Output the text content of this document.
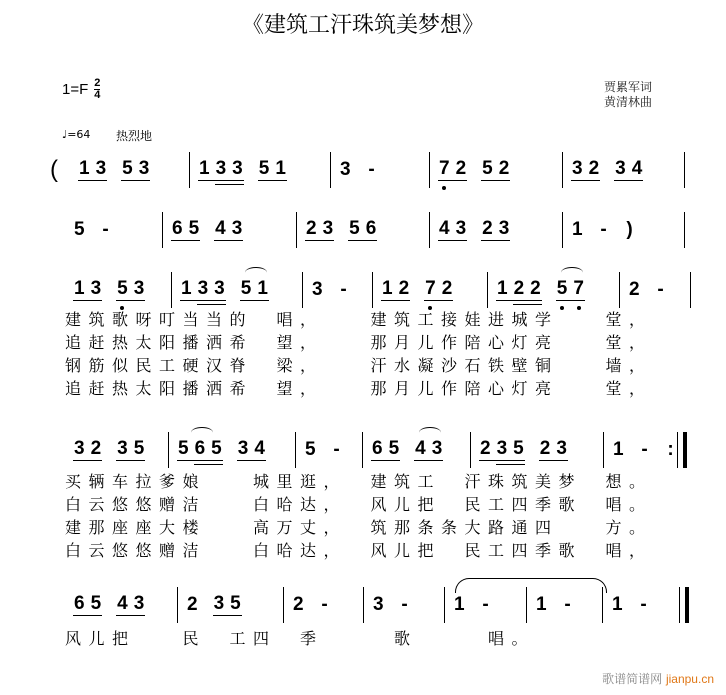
《建筑工汗珠筑美梦想》
$1=F \frac{2}{4}$	贾累军词
黄清林曲
♩=64 热烈地
(	1 3 5 3	1 3 3 5 1	3 -	7 2 5 2	3 2 3 4
5 -	6 5 4 3	2 3 5 6	4 3 2 3	1 - )
1 3 5 3 1 3 3 5 1 3 - 1 2 7 2 1 2 2 5 7 2 -
3 2 3 5 5 6 5 3 4 5 - 6 5 4 3 2 3 5 2 3 1 - :
6 5 4 3 2 3 5	2 - 3 - 1 - 1 - 1 -
歌谱简谱网 jianpu.cn
建 筑 歌 呀 叮 当 当 的　 唱 ，　　	建 筑 工 接 娃 进 城 学　　	堂 ，
追 赶 热 太 阳 播 洒 希　 望 ，　　	那 月 儿 作 陪 心 灯 亮　　	堂 ，
钢 筋 似 民 工 硬 汉 脊　 梁 ，　　	汗 水 凝 沙 石 铁 壁 铜　　	墙 ，
追 赶 热 太 阳 播 洒 希　 望 ，　　	那 月 儿 作 陪 心 灯 亮　　	堂 ，
买 辆 车 拉 爹 娘　　	城 里 逛 ，　 建 筑 工　 汗 珠 筑 美 梦　 想 。
白 云 悠 悠 赠 洁　　	白 哈 达 ，　 风 儿 把　 民 工 四 季 歌　 唱 。
建 那 座 座 大 楼　　	高 万 丈 ，　 筑 那 条 条 大 路 通 四　　	方 。
白 云 悠 悠 赠 洁　　	白 哈 达 ，　 风 儿 把　 民 工 四 季 歌　 唱 ，
风 儿 把　　	民　 工 四　 季　　　	歌　　　	唱 。
